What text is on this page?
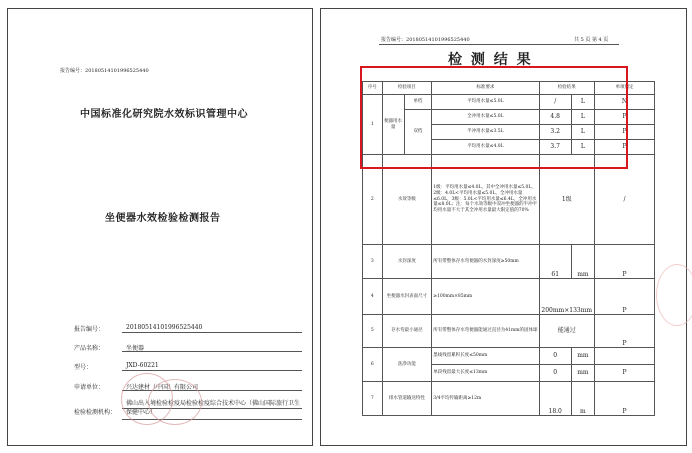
报告编号：20180514101996525440
中国标准化研究院水效标识管理中心
坐便器水效检验检测报告
报告编号：	20180514101996525440
产品名称：	坐便器
型号：	JXD-60221
申请单位：	兴达建材（中国）有限公司
检验检测机构：
佛山出入境检验检疫局检验检疫综合技术中心（佛山国际旅行卫生保健中心）
报告编号：20180514101996525440	共 5 页 第 4 页
检 测 结 果
序号	检验项目		标准要求	检验结果		单项判定
1	便器用水量	单档	平均用水量≤5.0L	/	L	N
		双档	全冲用水量≤5.0L	4.8	L	P
			半冲用水量≤3.5L	3.2	L	P
			平均用水量≤4.0L	3.7	L	P
2	水效等级		1级：平均用水量≤4.0L，其中全冲用水量≤5.0L，2级：4.0L<平均用水量≤5.0L，全冲用水量≤6.0L，3级：5.0L<平均用水量≤6.4L，全冲用水量≤8.0L；注：每个水效等级中双冲坐便器的半冲平均用水量不大于其全冲用水量最大限定值的70%	1级		/
3	水封深度		所有带整体存水弯便器的水封深度≥50mm	61	mm	P
4	坐便器水封表面尺寸		≥100mm×85mm	200mm×133mm		P
5	存水弯最小通径		所有带整体存水弯便器能通过直径为41mm的固体球	能通过		P
6	洗净功能		墨线残留累积长度≤50mm	0	mm	
			单段残留最大长度≤13mm	0	mm	P
7	排水管道输送特性		3/4平均传输距离≥12m	18.0	m	P
